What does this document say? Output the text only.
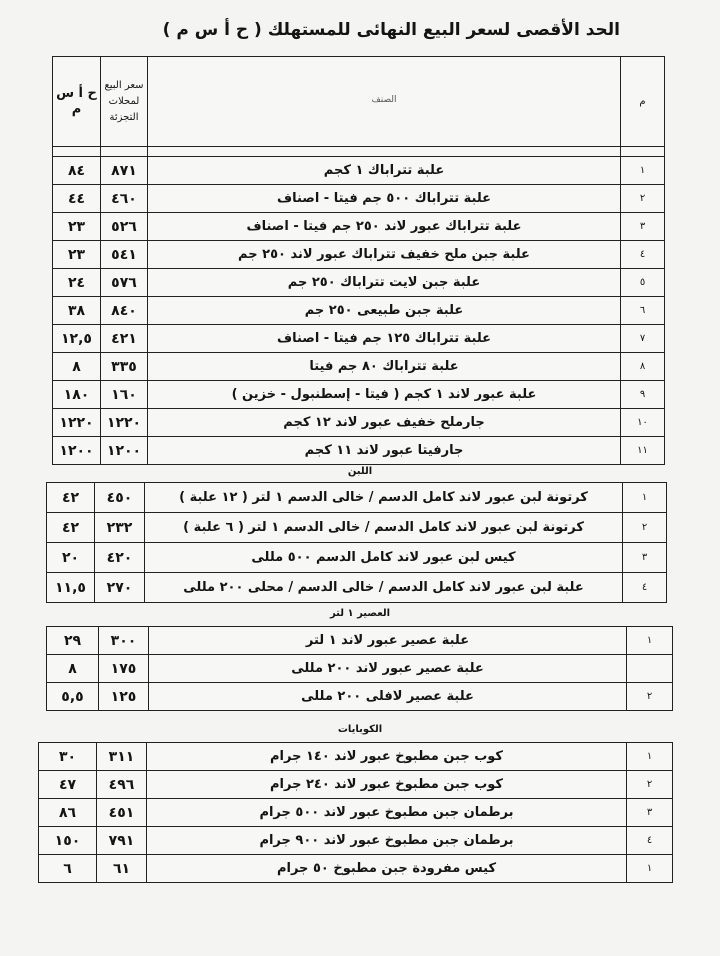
الحد الأقصى لسعر البيع النهائى للمستهلك ( ح أ س م )
ح أ س م	سعر البيع لمحلات التجزئة	الصنف	م

٨٤	٨٧١	علبة تتراباك ١ كجم	١
٤٤	٤٦٠	علبة تتراباك ٥٠٠ جم فيتا - اصناف	٢
٢٣	٥٢٦	علبة تتراباك عبور لاند ٢٥٠ جم فيتا - اصناف	٣
٢٣	٥٤١	علبة جبن ملح خفيف تتراباك عبور لاند ٢٥٠ جم	٤
٢٤	٥٧٦	علبة جبن لايت تتراباك ٢٥٠ جم	٥
٣٨	٨٤٠	علبة جبن طبيعى ٢٥٠ جم	٦
١٢,٥	٤٢١	علبة تتراباك ١٢٥ جم فيتا - اصناف	٧
٨	٣٣٥	علبة تتراباك ٨٠ جم فيتا	٨
١٨٠	١٦٠	علبة عبور لاند ١ كجم ( فيتا - إسطنبول - خزين )	٩
١٢٢٠	١٢٢٠	جارملح خفيف عبور لاند ١٢ كجم	١٠
١٢٠٠	١٢٠٠	جارفيتا عبور لاند ١١ كجم	١١
اللبن
٤٢	٤٥٠	كرتونة لبن عبور لاند كامل الدسم / خالى الدسم ١ لتر ( ١٢ علبة )	١
٤٢	٢٣٢	كرتونة لبن عبور لاند كامل الدسم / خالى الدسم ١ لتر ( ٦ علبة )	٢
٢٠	٤٢٠	كيس لبن عبور لاند كامل الدسم ٥٠٠ مللى	٣
١١,٥	٢٧٠	علبة لبن عبور لاند كامل الدسم / خالى الدسم / محلى ٢٠٠ مللى	٤
العصير ١ لتر
٢٩	٣٠٠	علبة عصير عبور لاند ١ لتر	١
٨	١٧٥	علبة عصير عبور لاند ٢٠٠ مللى	
٥,٥	١٢٥	علبة عصير لافلى ٢٠٠ مللى	٢
الكوبايات
٣٠	٣١١	كوب جبن مطبوخ عبور لاند ١٤٠ جرام	١
٤٧	٤٩٦	كوب جبن مطبوخ عبور لاند ٢٤٠ جرام	٢
٨٦	٤٥١	برطمان جبن مطبوخ عبور لاند ٥٠٠ جرام	٣
١٥٠	٧٩١	برطمان جبن مطبوخ عبور لاند ٩٠٠ جرام	٤
٦	٦١	كيس مفرودة جبن مطبوخ ٥٠ جرام	١
